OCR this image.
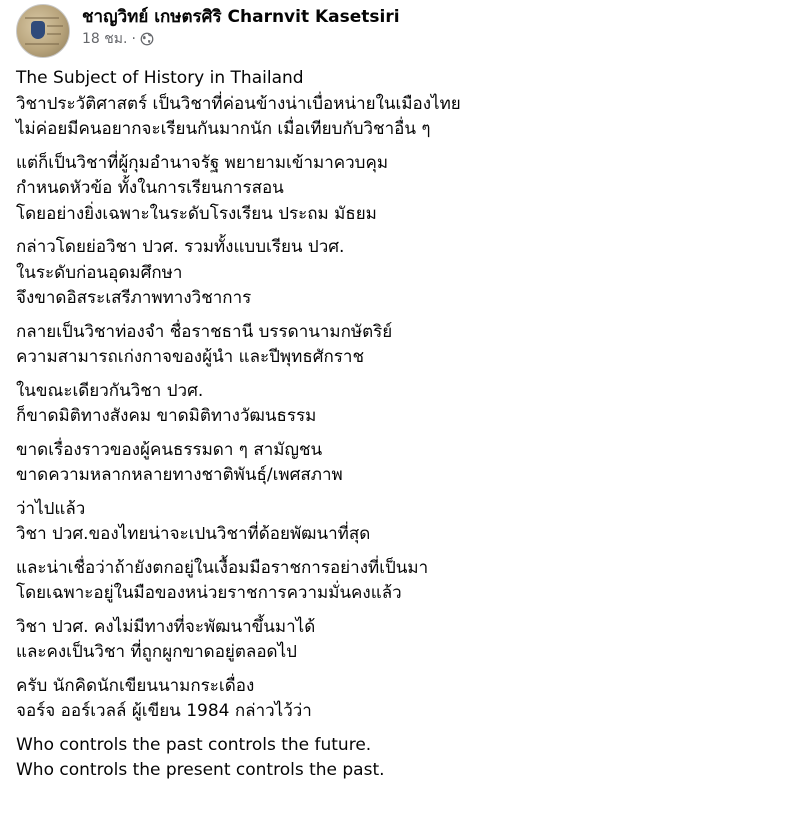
ชาญวิทย์ เกษตรศิริ Charnvit Kasetsiri
18 ชม. ·
The Subject of History in Thailand
วิชาประวัติศาสตร์ เป็นวิชาที่ค่อนข้างน่าเบื่อหน่ายในเมืองไทย
ไม่ค่อยมีคนอยากจะเรียนกันมากนัก เมื่อเทียบกับวิชาอื่น ๆ
แต่ก็เป็นวิชาที่ผู้กุมอำนาจรัฐ พยายามเข้ามาควบคุม
กำหนดหัวข้อ ทั้งในการเรียนการสอน
โดยอย่างยิ่งเฉพาะในระดับโรงเรียน ประถม มัธยม
กล่าวโดยย่อวิชา ปวศ. รวมทั้งแบบเรียน ปวศ.
ในระดับก่อนอุดมศึกษา
จึงขาดอิสระเสรีภาพทางวิชาการ
กลายเป็นวิชาท่องจำ ชื่อราชธานี บรรดานามกษัตริย์
ความสามารถเก่งกาจของผู้นำ และปีพุทธศักราช
ในขณะเดียวกันวิชา ปวศ.
ก็ขาดมิติทางสังคม ขาดมิติทางวัฒนธรรม
ขาดเรื่องราวของผู้คนธรรมดา ๆ สามัญชน
ขาดความหลากหลายทางชาติพันธุ์/เพศสภาพ
ว่าไปแล้ว
วิชา ปวศ.ของไทยน่าจะเปนวิชาที่ด้อยพัฒนาที่สุด
และน่าเชื่อว่าถ้ายังตกอยู่ในเงื้อมมือราชการอย่างที่เป็นมา
โดยเฉพาะอยู่ในมือของหน่วยราชการความมั่นคงแล้ว
วิชา ปวศ. คงไม่มีทางที่จะพัฒนาขึ้นมาได้
และคงเป็นวิชา ที่ถูกผูกขาดอยู่ตลอดไป
ครับ นักคิดนักเขียนนามกระเดื่อง
จอร์จ ออร์เวลล์ ผู้เขียน 1984 กล่าวไว้ว่า
Who controls the past controls the future.
Who controls the present controls the past.
